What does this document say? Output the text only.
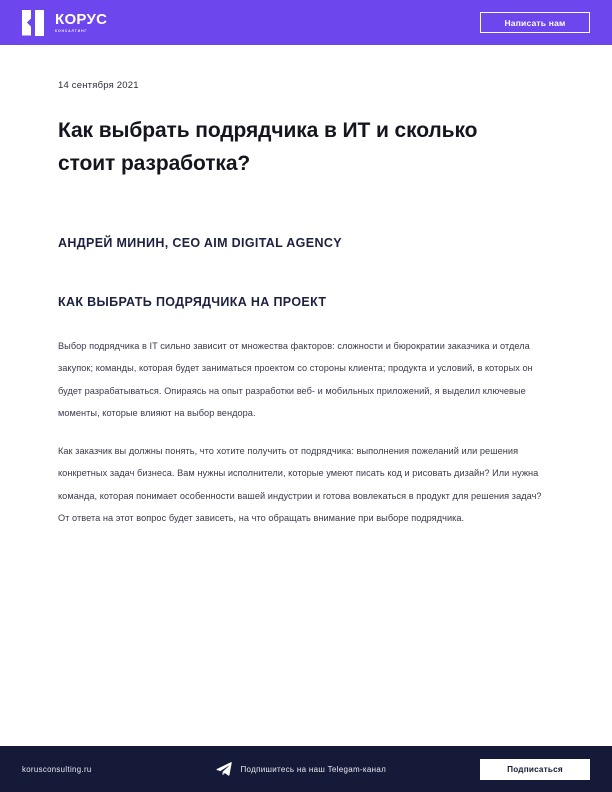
КОРУС
КОНСАЛТИНГ
Написать нам
14 сентября 2021
Как выбрать подрядчика в ИТ и сколько стоит разработка?
АНДРЕЙ МИНИН, CEO AIM DIGITAL AGENCY
КАК ВЫБРАТЬ ПОДРЯДЧИКА НА ПРОЕКТ

Выбор подрядчика в IT сильно зависит от множества факторов: сложности и бюрократии заказчика и отдела закупок; команды, которая будет заниматься проектом со стороны клиента; продукта и условий, в которых он будет разрабатываться. Опираясь на опыт разработки веб- и мобильных приложений, я выделил ключевые моменты, которые влияют на выбор вендора.

Как заказчик вы должны понять, что хотите получить от подрядчика: выполнения пожеланий или решения конкретных задач бизнеса. Вам нужны исполнители, которые умеют писать код и рисовать дизайн? Или нужна команда, которая понимает особенности вашей индустрии и готова вовлекаться в продукт для решения задач? От ответа на этот вопрос будет зависеть, на что обращать внимание при выборе подрядчика.

korusconsulting.ru	Подпишитесь на наш Telegam-канал	Подписаться
